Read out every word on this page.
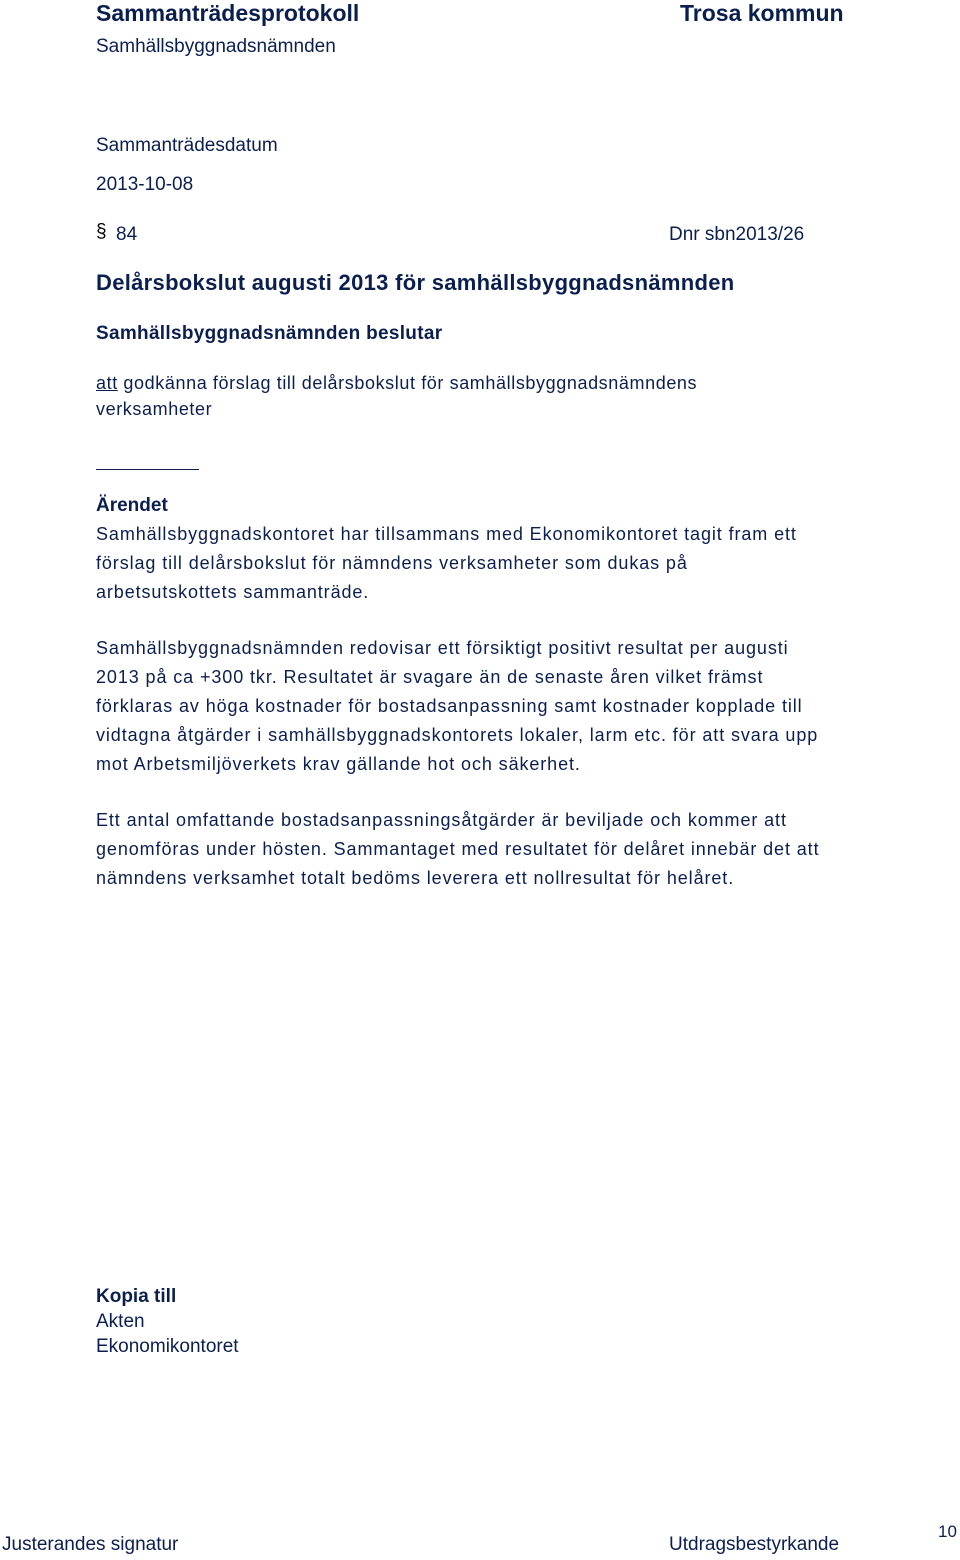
Sammanträdesprotokoll	Trosa kommun
Samhällsbyggnadsnämnden
Sammanträdesdatum
2013-10-08
§ 84	Dnr sbn2013/26
Delårsbokslut augusti 2013 för samhällsbyggnadsnämnden
Samhällsbyggnadsnämnden beslutar
att godkänna förslag till delårsbokslut för samhällsbyggnadsnämndens
verksamheter
Ärendet
Samhällsbyggnadskontoret har tillsammans med Ekonomikontoret tagit fram ett
förslag till delårsbokslut för nämndens verksamheter som dukas på
arbetsutskottets sammanträde.
Samhällsbyggnadsnämnden redovisar ett försiktigt positivt resultat per augusti
2013 på ca +300 tkr. Resultatet är svagare än de senaste åren vilket främst
förklaras av höga kostnader för bostadsanpassning samt kostnader kopplade till
vidtagna åtgärder i samhällsbyggnadskontorets lokaler, larm etc. för att svara upp
mot Arbetsmiljöverkets krav gällande hot och säkerhet.
Ett antal omfattande bostadsanpassningsåtgärder är beviljade och kommer att
genomföras under hösten. Sammantaget med resultatet för delåret innebär det att
nämndens verksamhet totalt bedöms leverera ett nollresultat för helåret.
Kopia till
Akten
Ekonomikontoret
Justerandes signatur	Utdragsbestyrkande
10
